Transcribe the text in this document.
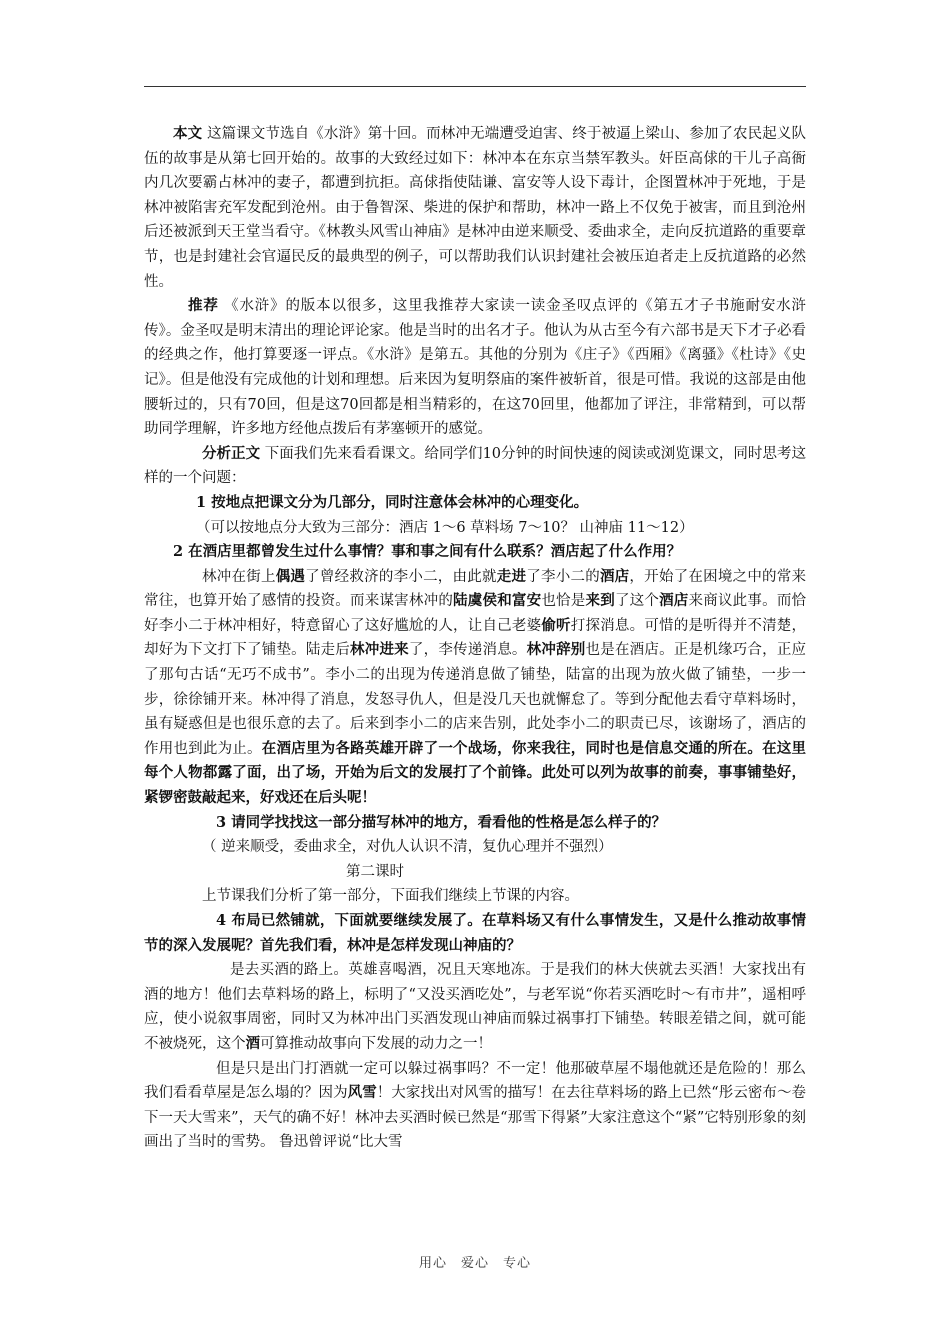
本文 这篇课文节选自《水浒》第十回。而林冲无端遭受迫害、终于被逼上梁山、参加了农民起义队伍的故事是从第七回开始的。故事的大致经过如下：林冲本在东京当禁军教头。奸臣高俅的干儿子高衙内几次要霸占林冲的妻子，都遭到抗拒。高俅指使陆谦、富安等人设下毒计，企图置林冲于死地，于是林冲被陷害充军发配到沧州。由于鲁智深、柴进的保护和帮助，林冲一路上不仅免于被害，而且到沧州后还被派到天王堂当看守。《林教头风雪山神庙》是林冲由逆来顺受、委曲求全，走向反抗道路的重要章节，也是封建社会官逼民反的最典型的例子，可以帮助我们认识封建社会被压迫者走上反抗道路的必然性。

推荐 《水浒》的版本以很多，这里我推荐大家读一读金圣叹点评的《第五才子书施耐安水浒传》。金圣叹是明末清出的理论评论家。他是当时的出名才子。他认为从古至今有六部书是天下才子必看的经典之作，他打算要逐一评点。《水浒》是第五。其他的分别为《庄子》《西厢》《离骚》《杜诗》《史记》。但是他没有完成他的计划和理想。后来因为复明祭庙的案件被斩首，很是可惜。我说的这部是由他腰斩过的，只有70回，但是这70回都是相当精彩的，在这70回里，他都加了评注，非常精到，可以帮助同学理解，许多地方经他点拨后有茅塞顿开的感觉。

分析正文 下面我们先来看看课文。给同学们10分钟的时间快速的阅读或浏览课文，同时思考这样的一个问题：

1 按地点把课文分为几部分，同时注意体会林冲的心理变化。

（可以按地点分大致为三部分：酒店 1～6 草料场 7～10？ 山神庙 11～12）

2 在酒店里都曾发生过什么事情？事和事之间有什么联系？酒店起了什么作用？

林冲在街上偶遇了曾经救济的李小二，由此就走进了李小二的酒店，开始了在困境之中的常来常往，也算开始了感情的投资。而来谋害林冲的陆虞侯和富安也恰是来到了这个酒店来商议此事。而恰好李小二于林冲相好，特意留心了这好尴尬的人，让自己老婆偷听打探消息。可惜的是听得并不清楚，却好为下文打下了铺垫。陆走后林冲进来了，李传递消息。林冲辞别也是在酒店。正是机缘巧合，正应了那句古话“无巧不成书”。李小二的出现为传递消息做了铺垫，陆富的出现为放火做了铺垫，一步一步，徐徐铺开来。林冲得了消息，发怒寻仇人，但是没几天也就懈怠了。等到分配他去看守草料场时，虽有疑惑但是也很乐意的去了。后来到李小二的店来告别，此处李小二的职责已尽，该谢场了，酒店的作用也到此为止。在酒店里为各路英雄开辟了一个战场，你来我往，同时也是信息交通的所在。在这里每个人物都露了面，出了场，开始为后文的发展打了个前锋。此处可以列为故事的前奏，事事铺垫好，紧锣密鼓敲起来，好戏还在后头呢！

3 请同学找找这一部分描写林冲的地方，看看他的性格是怎么样子的？

（ 逆来顺受，委曲求全，对仇人认识不清，复仇心理并不强烈）

第二课时

上节课我们分析了第一部分，下面我们继续上节课的内容。

4 布局已然铺就，下面就要继续发展了。在草料场又有什么事情发生，又是什么推动故事情节的深入发展呢？首先我们看，林冲是怎样发现山神庙的？

是去买酒的路上。英雄喜喝酒，况且天寒地冻。于是我们的林大侠就去买酒！大家找出有酒的地方！他们去草料场的路上，标明了“又没买酒吃处”，与老军说“你若买酒吃时～有市井”，遥相呼应，使小说叙事周密，同时又为林冲出门买酒发现山神庙而躲过祸事打下铺垫。转眼差错之间，就可能不被烧死，这个酒可算推动故事向下发展的动力之一！

但是只是出门打酒就一定可以躲过祸事吗？不一定！他那破草屋不塌他就还是危险的！那么我们看看草屋是怎么塌的？因为风雪！大家找出对风雪的描写！在去往草料场的路上已然“彤云密布～卷下一天大雪来”，天气的确不好！林冲去买酒时候已然是“那雪下得紧”大家注意这个“紧”它特别形象的刻画出了当时的雪势。 鲁迅曾评说“比大雪

用心　爱心　专心
